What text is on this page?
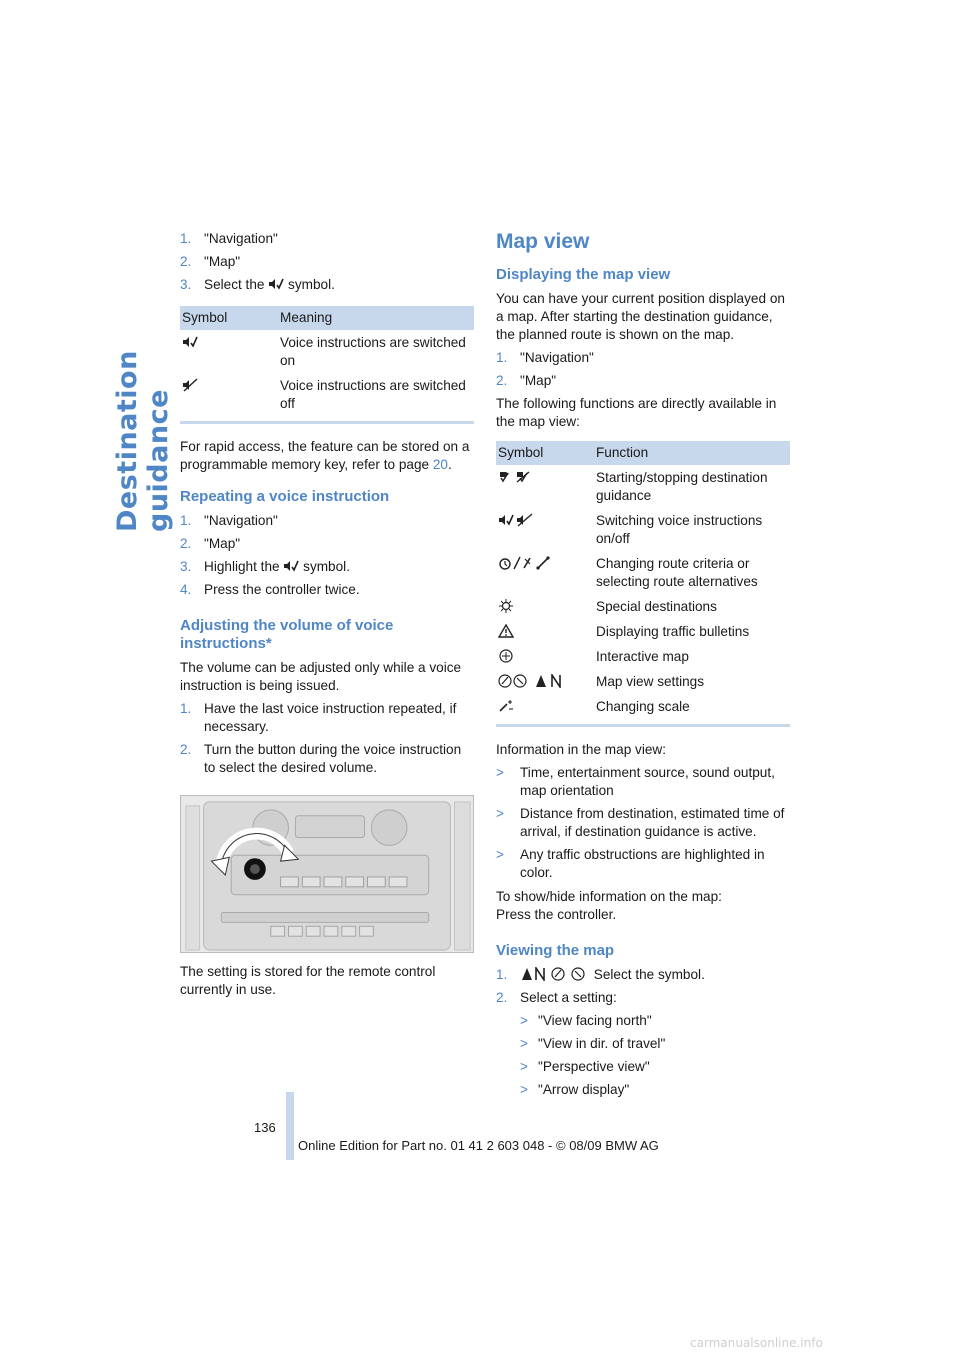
Destination guidance
1. "Navigation"
2. "Map"
3. Select the symbol.
Symbol	Meaning

	Voice instructions are switched on

	Voice instructions are switched off

For rapid access, the feature can be stored on a programmable memory key, refer to page 20.

Repeating a voice instruction
1. "Navigation"
2. "Map"
3. Highlight the symbol.
4. Press the controller twice.
Adjusting the volume of voice instructions*

The volume can be adjusted only while a voice instruction is being issued.

1. Have the last voice instruction repeated, if necessary.
2. Turn the button during the voice instruction to select the desired volume.

The setting is stored for the remote control currently in use.

Map view
Displaying the map view

You can have your current position displayed on a map. After starting the destination guidance, the planned route is shown on the map.

1. "Navigation"
2. "Map"

The following functions are directly available in the map view:

Symbol	Function

	Starting/stopping destination guidance

	Switching voice instructions on/off

	Changing route criteria or selecting route alternatives

	Special destinations

	Displaying traffic bulletins

	Interactive map

	Map view settings

	Changing scale

Information in the map view:

>	Time, entertainment source, sound output, map orientation
>	Distance from destination, estimated time of arrival, if destination guidance is active.
>	Any traffic obstructions are highlighted in color.

To show/hide information on the map:
Press the controller.

Viewing the map
1.	Select the symbol.
2. Select a setting:
> "View facing north"
> "View in dir. of travel"
> "Perspective view"
> "Arrow display"
136
Online Edition for Part no. 01 41 2 603 048 - © 08/09 BMW AG
carmanualsonline.info
